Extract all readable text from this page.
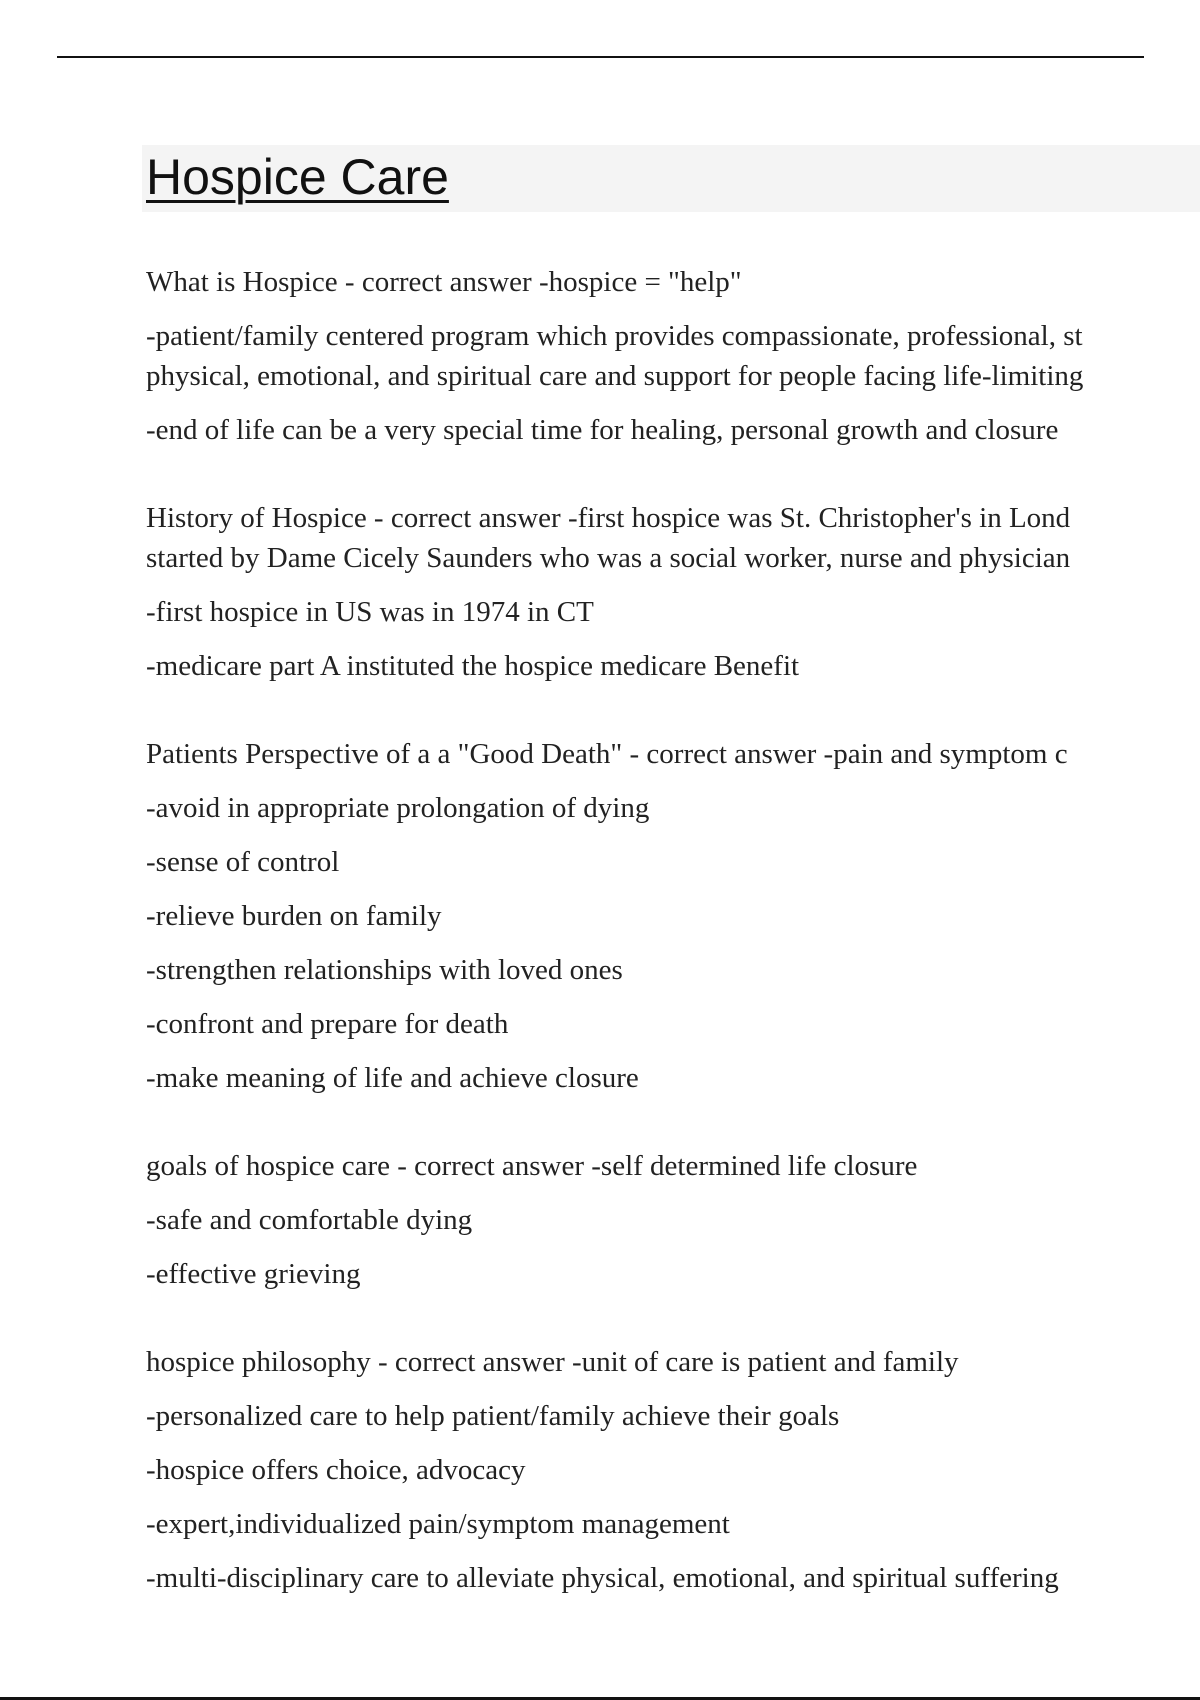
Hospice Care

What is Hospice - correct answer -hospice = "help"

-patient/family centered program which provides compassionate, professional, st

physical, emotional, and spiritual care and support for people facing life-limiting

-end of life can be a very special time for healing, personal growth and closure

History of Hospice - correct answer -first hospice was St. Christopher's in Lond

started by Dame Cicely Saunders who was a social worker, nurse and physician

-first hospice in US was in 1974 in CT

-medicare part A instituted the hospice medicare Benefit

Patients Perspective of a a "Good Death" - correct answer -pain and symptom c

-avoid in appropriate prolongation of dying

-sense of control

-relieve burden on family

-strengthen relationships with loved ones

-confront and prepare for death

-make meaning of life and achieve closure

goals of hospice care - correct answer -self determined life closure

-safe and comfortable dying

-effective grieving

hospice philosophy - correct answer -unit of care is patient and family

-personalized care to help patient/family achieve their goals

-hospice offers choice, advocacy

-expert,individualized pain/symptom management

-multi-disciplinary care to alleviate physical, emotional, and spiritual suffering
